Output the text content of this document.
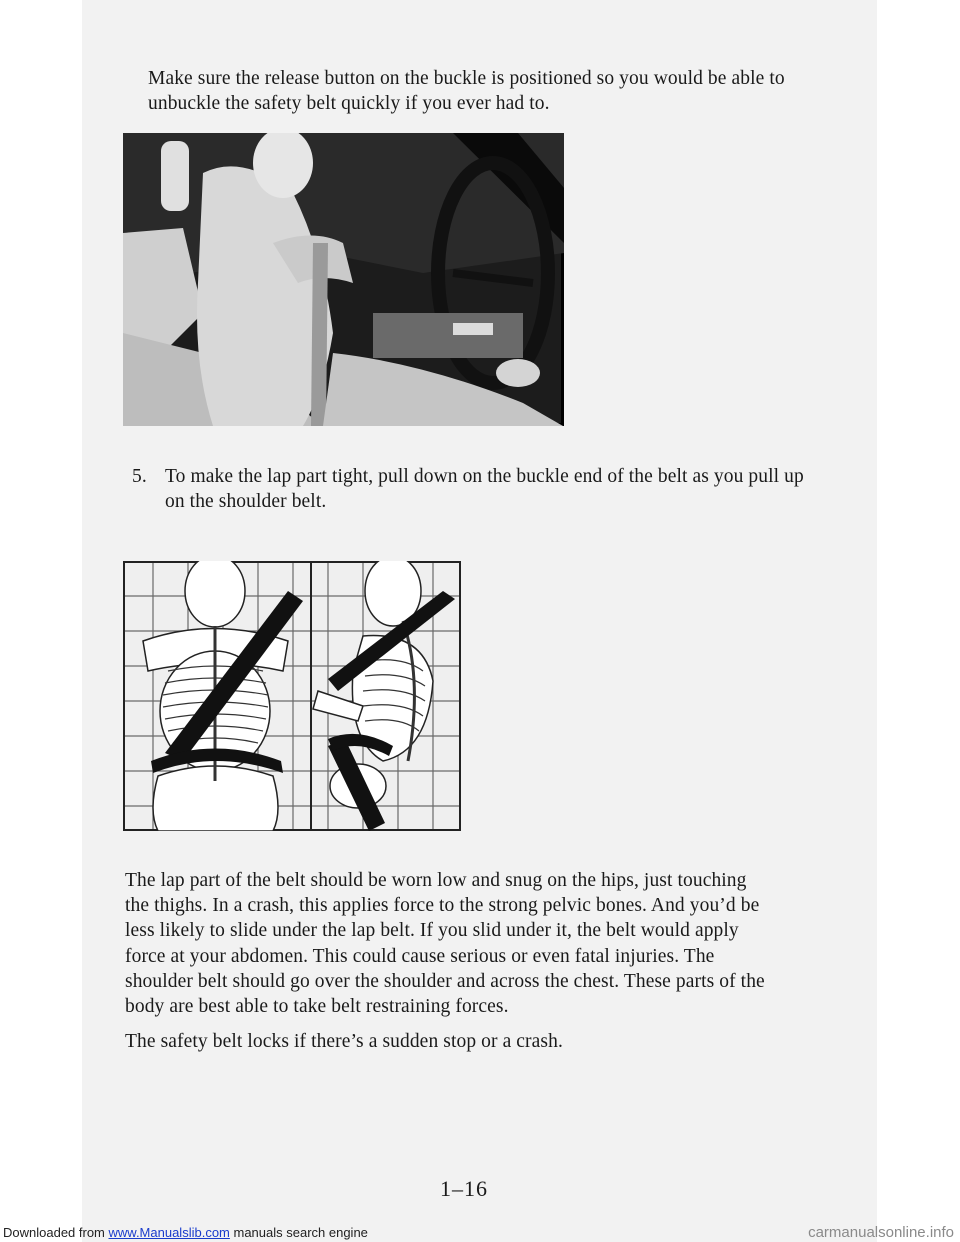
Make sure the release button on the buckle is positioned so you would be able to unbuckle the safety belt quickly if you ever had to.

5. To make the lap part tight, pull down on the buckle end of the belt as you pull up on the shoulder belt.

The lap part of the belt should be worn low and snug on the hips, just touching the thighs. In a crash, this applies force to the strong pelvic bones. And you’d be less likely to slide under the lap belt. If you slid under it, the belt would apply force at your abdomen. This could cause serious or even fatal injuries. The shoulder belt should go over the shoulder and across the chest. These parts of the body are best able to take belt restraining forces.

The safety belt locks if there’s a sudden stop or a crash.

1–16
Downloaded from www.Manualslib.com manuals search engine	carmanualsonline.info
